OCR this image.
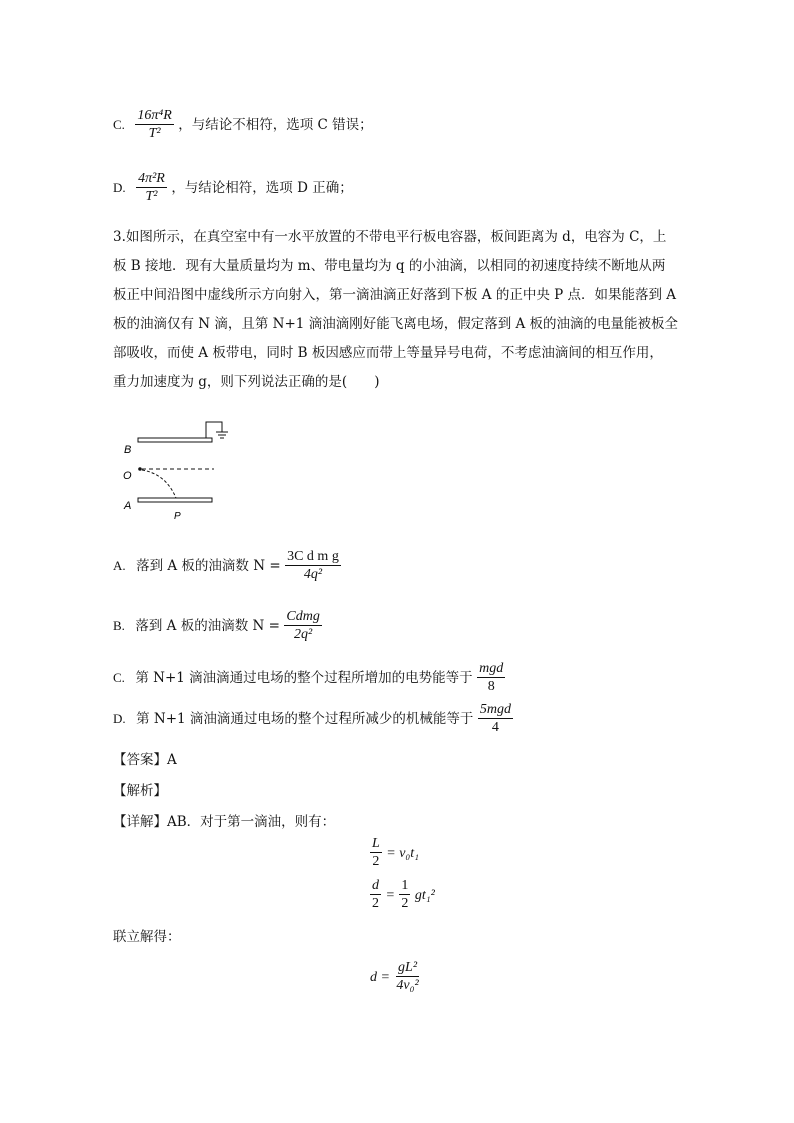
C. $\frac{\text{16π⁴R}}{\text{T²}}$ ，与结论不相符，选项 C 错误；
D. $\frac{\text{4π²R}}{\text{T²}}$ ，与结论相符，选项 D 正确；
3.如图所示，在真空室中有一水平放置的不带电平行板电容器，板间距离为 d，电容为 C，上
板 B 接地．现有大量质量均为 m、带电量均为 q 的小油滴，以相同的初速度持续不断地从两
板正中间沿图中虚线所示方向射入，第一滴油滴正好落到下板 A 的正中央 P 点．如果能落到 A
板的油滴仅有 N 滴，且第 N+1 滴油滴刚好能飞离电场，假定落到 A 板的油滴的电量能被板全
部吸收，而使 A 板带电，同时 B 板因感应而带上等量异号电荷，不考虑油滴间的相互作用，
重力加速度为 g，则下列说法正确的是(　　)
B
O
A
P
A. 落到 A 板的油滴数 $N = \frac{\text{3C d m g}}{\text{4q²}}$
B. 落到 A 板的油滴数 $N = \frac{\text{Cdmg}}{\text{2q²}}$
C. 第 N+1 滴油滴通过电场的整个过程所增加的电势能等于 $\frac{\text{mgd}}{8}$
D. 第 N+1 滴油滴通过电场的整个过程所减少的机械能等于 $\frac{\text{5mgd}}{4}$
【答案】A
【解析】
【详解】AB．对于第一滴油，则有：
$\frac{L}{2} = v_0t_1$
$\frac{d}{2} = \frac{1}{2} gt_1^2$
联立解得：
$d = \frac{\text{gL²}}{\text{4v₀²}}$
